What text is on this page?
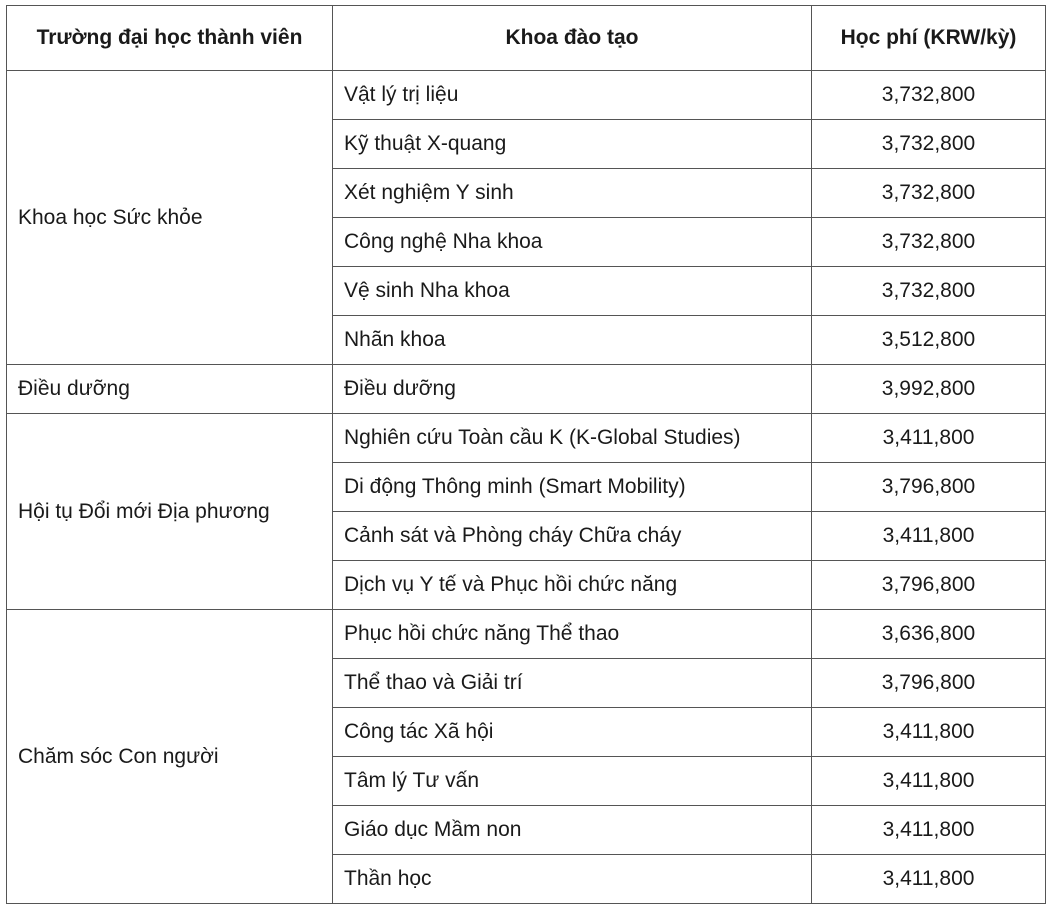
Trường đại học thành viên	Khoa đào tạo	Học phí (KRW/kỳ)
Khoa học Sức khỏe	Vật lý trị liệu	3,732,800
	Kỹ thuật X-quang	3,732,800
	Xét nghiệm Y sinh	3,732,800
	Công nghệ Nha khoa	3,732,800
	Vệ sinh Nha khoa	3,732,800
	Nhãn khoa	3,512,800
Điều dưỡng	Điều dưỡng	3,992,800
Hội tụ Đổi mới Địa phương	Nghiên cứu Toàn cầu K (K-Global Studies)	3,411,800
	Di động Thông minh (Smart Mobility)	3,796,800
	Cảnh sát và Phòng cháy Chữa cháy	3,411,800
	Dịch vụ Y tế và Phục hồi chức năng	3,796,800
Chăm sóc Con người	Phục hồi chức năng Thể thao	3,636,800
	Thể thao và Giải trí	3,796,800
	Công tác Xã hội	3,411,800
	Tâm lý Tư vấn	3,411,800
	Giáo dục Mầm non	3,411,800
	Thần học	3,411,800
